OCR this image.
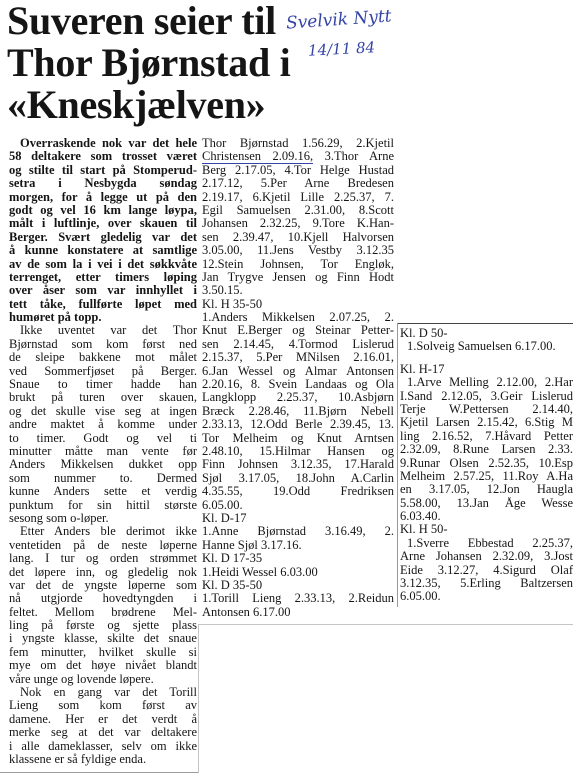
Suveren seier til
Thor Bjørnstad i
«Kneskjælven»
Svelvik Nytt
14/11 84
Overraskende nok var det hele
58 deltakere som trosset været
og stilte til start på Stomperud-
setra i Nesbygda søndag
morgen, for å legge ut på den
godt og vel 16 km lange løypa,
målt i luftlinje, over skauen til
Berger. Svært gledelig var det
å kunne konstatere at samtlige
av de som la i vei i det søkkvåte
terrenget, etter timers løping
over åser som var innhyllet i
tett tåke, fullførte løpet med
humøret på topp.
Ikke uventet var det Thor
Bjørnstad som kom først ned
de sleipe bakkene mot målet
ved Sommerfjøset på Berger.
Snaue to timer hadde han
brukt på turen over skauen,
og det skulle vise seg at ingen
andre maktet å komme under
to timer. Godt og vel ti
minutter måtte man vente før
Anders Mikkelsen dukket opp
som nummer to. Dermed
kunne Anders sette et verdig
punktum for sin hittil største
sesong som o-løper.
Etter Anders ble derimot ikke
ventetiden på de neste løperne
lang. I tur og orden strømmet
det løpere inn, og gledelig nok
var det de yngste løperne som
nå utgjorde hovedtyngden i
feltet. Mellom brødrene Mel-
ling på første og sjette plass
i yngste klasse, skilte det snaue
fem minutter, hvilket skulle si
mye om det høye nivået blandt
våre unge og lovende løpere.
Nok en gang var det Torill
Lieng som kom først av
damene. Her er det verdt å
merke seg at det var deltakere
i alle dameklasser, selv om ikke
klassene er så fyldige enda.
Thor Bjørnstad 1.56.29, 2.Kjetil
Christensen 2.09.16, 3.Thor Arne
Berg 2.17.05, 4.Tor Helge Hustad
2.17.12, 5.Per Arne Bredesen
2.19.17, 6.Kjetil Lille 2.25.37, 7.
Egil Samuelsen 2.31.00, 8.Scott
Johansen 2.32.25, 9.Tore K.Han-
sen 2.39.47, 10.Kjell Halvorsen
3.05.00, 11.Jens Vestby 3.12.35
12.Stein Johnsen, Tor Engløk,
Jan Trygve Jensen og Finn Hodt
3.50.15.
Kl. H 35-50
1.Anders Mikkelsen 2.07.25, 2.
Knut E.Berger og Steinar Petter-
sen 2.14.45, 4.Tormod Lislerud
2.15.37, 5.Per MNilsen 2.16.01,
6.Jan Wessel og Almar Antonsen
2.20.16, 8. Svein Landaas og Ola
Langklopp 2.25.37, 10.Asbjørn
Bræck 2.28.46, 11.Bjørn Nebell
2.33.13, 12.Odd Berle 2.39.45, 13.
Tor Melheim og Knut Arntsen
2.48.10, 15.Hilmar Hansen og
Finn Johnsen 3.12.35, 17.Harald
Sjøl 3.17.05, 18.John A.Carlin
4.35.55, 19.Odd Fredriksen
6.05.00.
Kl. D-17
1.Anne Bjørnstad 3.16.49, 2.
Hanne Sjøl 3.17.16.
Kl. D 17-35
1.Heidi Wessel 6.03.00
Kl. D 35-50
1.Torill Lieng 2.33.13, 2.Reidun
Antonsen 6.17.00
Kl. D 50-
1.Solveig Samuelsen 6.17.00.
Kl. H-17
1.Arve Melling 2.12.00, 2.Har
I.Sand 2.12.05, 3.Geir Lislerud
Terje W.Pettersen 2.14.40,
Kjetil Larsen 2.15.42, 6.Stig M
ling 2.16.52, 7.Håvard Petter
2.32.09, 8.Rune Larsen 2.33.
9.Runar Olsen 2.52.35, 10.Esp
Melheim 2.57.25, 11.Roy A.Ha
en 3.17.05, 12.Jon Haugla
5.58.00, 13.Jan Åge Wesse
6.03.40.
Kl. H 50-
1.Sverre Ebbestad 2.25.37,
Arne Johansen 2.32.09, 3.Jost
Eide 3.12.27, 4.Sigurd Olaf
3.12.35, 5.Erling Baltzersen
6.05.00.
